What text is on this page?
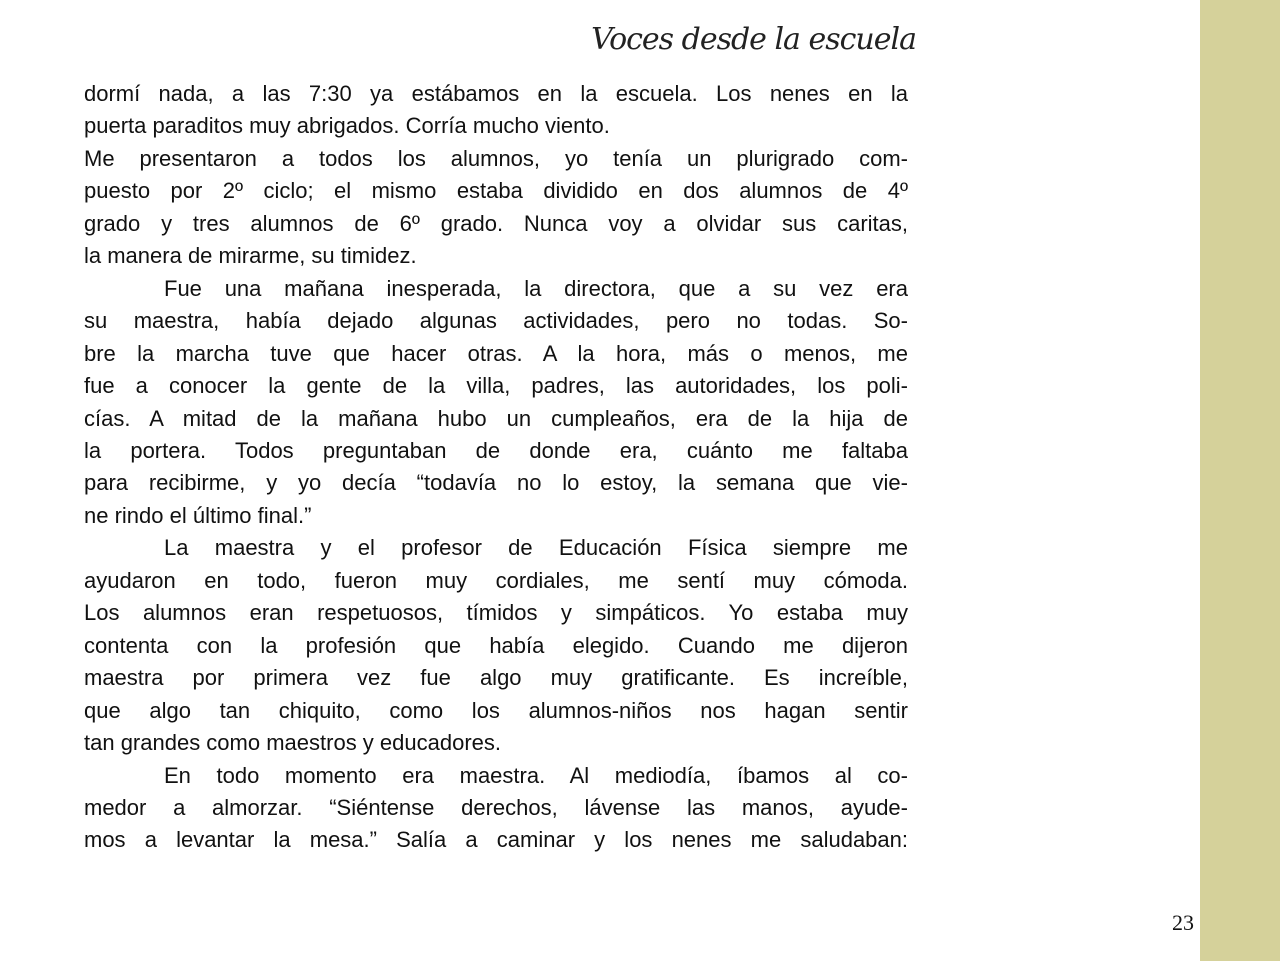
Voces desde la escuela
dormí nada, a las 7:30 ya estábamos en la escuela. Los nenes en la
puerta paraditos muy abrigados. Corría mucho viento.
Me presentaron a todos los alumnos, yo tenía un plurigrado com-
puesto por 2º ciclo; el mismo estaba dividido en dos alumnos de 4º
grado y tres alumnos de 6º grado. Nunca voy a olvidar sus caritas,
la manera de mirarme, su timidez.
Fue una mañana inesperada, la directora, que a su vez era
su maestra, había dejado algunas actividades, pero no todas. So-
bre la marcha tuve que hacer otras. A la hora, más o menos, me
fue a conocer la gente de la villa, padres, las autoridades, los poli-
cías. A mitad de la mañana hubo un cumpleaños, era de la hija de
la portera. Todos preguntaban de donde era, cuánto me faltaba
para recibirme, y yo decía “todavía no lo estoy, la semana que vie-
ne rindo el último final.”
La maestra y el profesor de Educación Física siempre me
ayudaron en todo, fueron muy cordiales, me sentí muy cómoda.
Los alumnos eran respetuosos, tímidos y simpáticos. Yo estaba muy
contenta con la profesión que había elegido. Cuando me dijeron
maestra por primera vez fue algo muy gratificante. Es increíble,
que algo tan chiquito, como los alumnos-niños nos hagan sentir
tan grandes como maestros y educadores.
En todo momento era maestra. Al mediodía, íbamos al co-
medor a almorzar. “Siéntense derechos, lávense las manos, ayude-
mos a levantar la mesa.” Salía a caminar y los nenes me saludaban:
23
